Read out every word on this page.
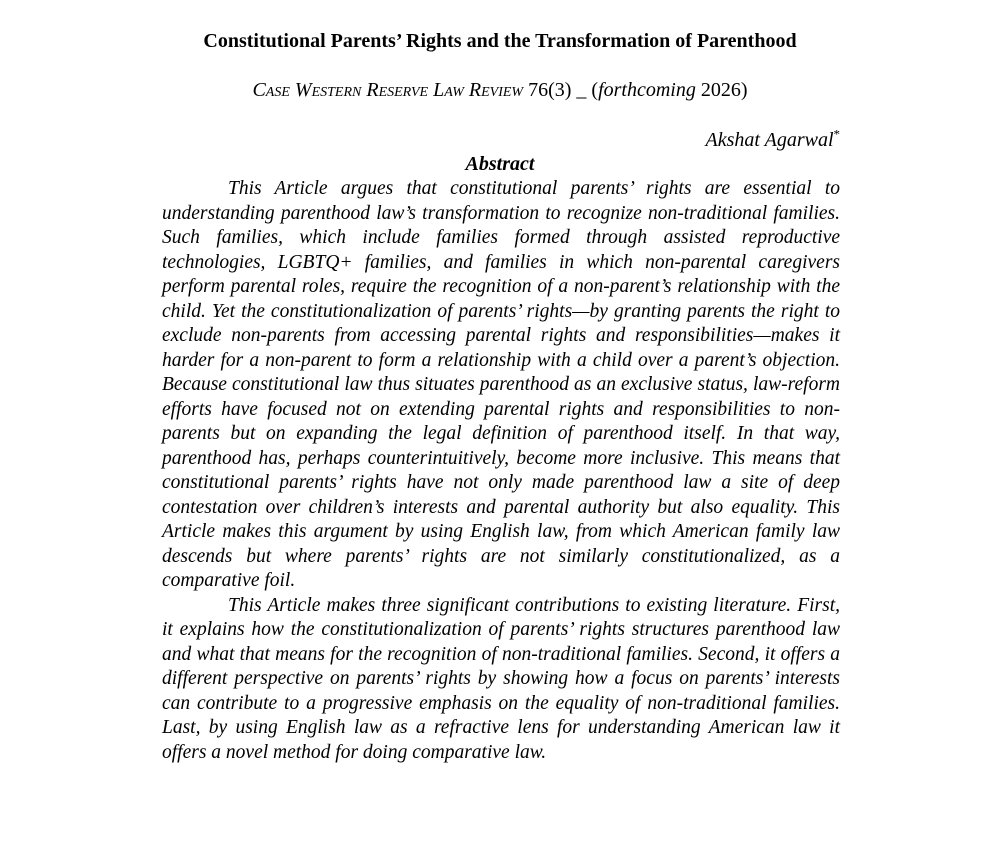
Constitutional Parents’ Rights and the Transformation of Parenthood
Case Western Reserve Law Review 76(3) _ (forthcoming 2026)
Akshat Agarwal*
Abstract

This Article argues that constitutional parents’ rights are essential to understanding parenthood law’s transformation to recognize non-traditional families. Such families, which include families formed through assisted reproductive technologies, LGBTQ+ families, and families in which non-parental caregivers perform parental roles, require the recognition of a non-parent’s relationship with the child. Yet the constitutionalization of parents’ rights—by granting parents the right to exclude non-parents from accessing parental rights and responsibilities—makes it harder for a non-parent to form a relationship with a child over a parent’s objection. Because constitutional law thus situates parenthood as an exclusive status, law-reform efforts have focused not on extending parental rights and responsibilities to non-parents but on expanding the legal definition of parenthood itself. In that way, parenthood has, perhaps counterintuitively, become more inclusive. This means that constitutional parents’ rights have not only made parenthood law a site of deep contestation over children’s interests and parental authority but also equality. This Article makes this argument by using English law, from which American family law descends but where parents’ rights are not similarly constitutionalized, as a comparative foil.

This Article makes three significant contributions to existing literature. First, it explains how the constitutionalization of parents’ rights structures parenthood law and what that means for the recognition of non-traditional families. Second, it offers a different perspective on parents’ rights by showing how a focus on parents’ interests can contribute to a progressive emphasis on the equality of non-traditional families. Last, by using English law as a refractive lens for understanding American law it offers a novel method for doing comparative law.
